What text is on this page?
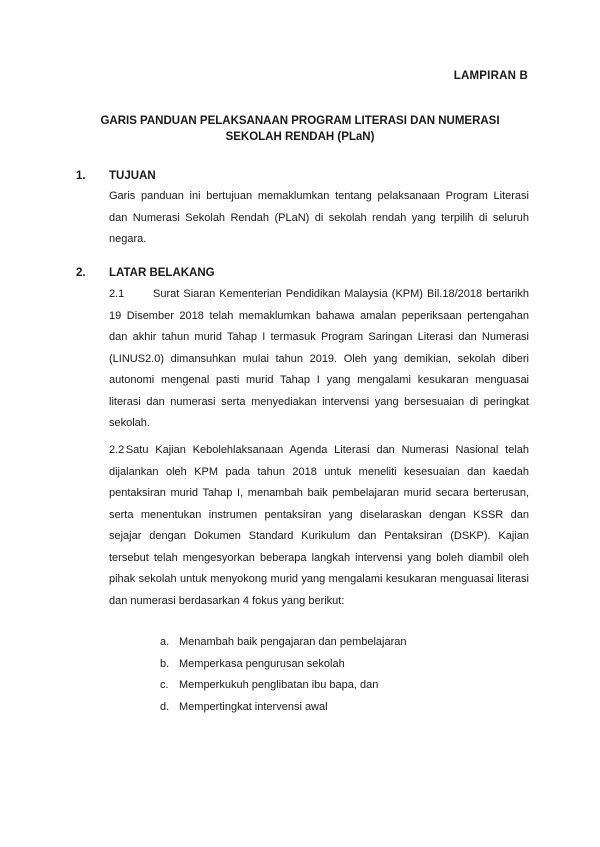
LAMPIRAN B
GARIS PANDUAN PELAKSANAAN PROGRAM LITERASI DAN NUMERASI
SEKOLAH RENDAH (PLaN)
1. TUJUAN

Garis panduan ini bertujuan memaklumkan tentang pelaksanaan Program Literasi dan Numerasi Sekolah Rendah (PLaN) di sekolah rendah yang terpilih di seluruh negara.

2. LATAR BELAKANG

2.1	Surat Siaran Kementerian Pendidikan Malaysia (KPM) Bil.18/2018 bertarikh 19 Disember 2018 telah memaklumkan bahawa amalan peperiksaan pertengahan dan akhir tahun murid Tahap I termasuk Program Saringan Literasi dan Numerasi (LINUS2.0) dimansuhkan mulai tahun 2019. Oleh yang demikian, sekolah diberi autonomi mengenal pasti murid Tahap I yang mengalami kesukaran menguasai literasi dan numerasi serta menyediakan intervensi yang bersesuaian di peringkat sekolah.

2.2 Satu Kajian Kebolehlaksanaan Agenda Literasi dan Numerasi Nasional telah dijalankan oleh KPM pada tahun 2018 untuk meneliti kesesuaian dan kaedah pentaksiran murid Tahap I, menambah baik pembelajaran murid secara berterusan, serta menentukan instrumen pentaksiran yang diselaraskan dengan KSSR dan sejajar dengan Dokumen Standard Kurikulum dan Pentaksiran (DSKP). Kajian tersebut telah mengesyorkan beberapa langkah intervensi yang boleh diambil oleh pihak sekolah untuk menyokong murid yang mengalami kesukaran menguasai literasi dan numerasi berdasarkan 4 fokus yang berikut:

a. Menambah baik pengajaran dan pembelajaran
b. Memperkasa pengurusan sekolah
c. Memperkukuh penglibatan ibu bapa, dan
d. Mempertingkat intervensi awal
